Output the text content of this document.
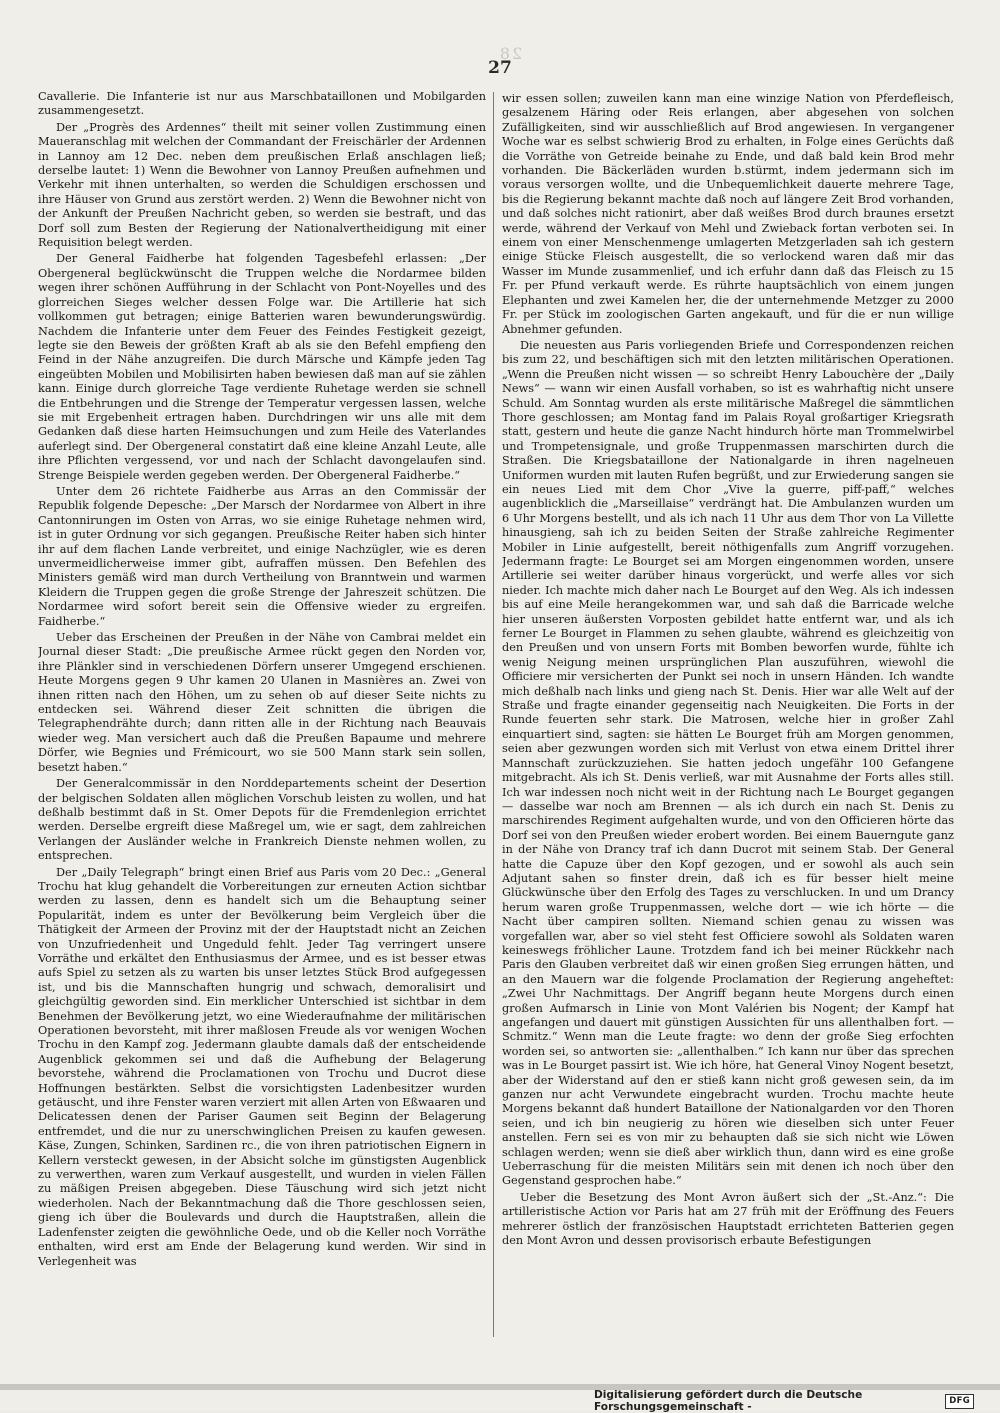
28
27

Cavallerie. Die Infanterie ist nur aus Marschbataillonen und Mobilgarden zusammengesetzt.

Der „Progrès des Ardennes“ theilt mit seiner vollen Zustimmung einen Maueranschlag mit welchen der Commandant der Freischärler der Ardennen in Lannoy am 12 Dec. neben dem preußischen Erlaß anschlagen ließ; derselbe lautet: 1) Wenn die Bewohner von Lannoy Preußen aufnehmen und Verkehr mit ihnen unterhalten, so werden die Schuldigen erschossen und ihre Häuser von Grund aus zerstört werden. 2) Wenn die Bewohner nicht von der Ankunft der Preußen Nachricht geben, so werden sie bestraft, und das Dorf soll zum Besten der Regierung der Nationalvertheidigung mit einer Requisition belegt werden.

Der General Faidherbe hat folgenden Tagesbefehl erlassen: „Der Obergeneral beglückwünscht die Truppen welche die Nordarmee bilden wegen ihrer schönen Aufführung in der Schlacht von Pont-Noyelles und des glorreichen Sieges welcher dessen Folge war. Die Artillerie hat sich vollkommen gut betragen; einige Batterien waren bewunderungswürdig. Nachdem die Infanterie unter dem Feuer des Feindes Festigkeit gezeigt, legte sie den Beweis der größten Kraft ab als sie den Befehl empfieng den Feind in der Nähe anzugreifen. Die durch Märsche und Kämpfe jeden Tag eingeübten Mobilen und Mobilisirten haben bewiesen daß man auf sie zählen kann. Einige durch glorreiche Tage verdiente Ruhetage werden sie schnell die Entbehrungen und die Strenge der Temperatur vergessen lassen, welche sie mit Ergebenheit ertragen haben. Durchdringen wir uns alle mit dem Gedanken daß diese harten Heimsuchungen und zum Heile des Vaterlandes auferlegt sind. Der Obergeneral constatirt daß eine kleine Anzahl Leute, alle ihre Pflichten vergessend, vor und nach der Schlacht davongelaufen sind. Strenge Beispiele werden gegeben werden. Der Obergeneral Faidherbe.“

Unter dem 26 richtete Faidherbe aus Arras an den Commissär der Republik folgende Depesche: „Der Marsch der Nordarmee von Albert in ihre Cantonnirungen im Osten von Arras, wo sie einige Ruhetage nehmen wird, ist in guter Ordnung vor sich gegangen. Preußische Reiter haben sich hinter ihr auf dem flachen Lande verbreitet, und einige Nachzügler, wie es deren unvermeidlicherweise immer gibt, aufraffen müssen. Den Befehlen des Ministers gemäß wird man durch Vertheilung von Branntwein und warmen Kleidern die Truppen gegen die große Strenge der Jahreszeit schützen. Die Nordarmee wird sofort bereit sein die Offensive wieder zu ergreifen. Faidherbe.“

Ueber das Erscheinen der Preußen in der Nähe von Cambrai meldet ein Journal dieser Stadt: „Die preußische Armee rückt gegen den Norden vor, ihre Plänkler sind in verschiedenen Dörfern unserer Umgegend erschienen. Heute Morgens gegen 9 Uhr kamen 20 Ulanen in Masnières an. Zwei von ihnen ritten nach den Höhen, um zu sehen ob auf dieser Seite nichts zu entdecken sei. Während dieser Zeit schnitten die übrigen die Telegraphendrähte durch; dann ritten alle in der Richtung nach Beauvais wieder weg. Man versichert auch daß die Preußen Bapaume und mehrere Dörfer, wie Begnies und Frémicourt, wo sie 500 Mann stark sein sollen, besetzt haben.“

Der Generalcommissär in den Norddepartements scheint der Desertion der belgischen Soldaten allen möglichen Vorschub leisten zu wollen, und hat deßhalb bestimmt daß in St. Omer Depots für die Fremdenlegion errichtet werden. Derselbe ergreift diese Maßregel um, wie er sagt, dem zahlreichen Verlangen der Ausländer welche in Frankreich Dienste nehmen wollen, zu entsprechen.

Der „Daily Telegraph“ bringt einen Brief aus Paris vom 20 Dec.: „General Trochu hat klug gehandelt die Vorbereitungen zur erneuten Action sichtbar werden zu lassen, denn es handelt sich um die Behauptung seiner Popularität, indem es unter der Bevölkerung beim Vergleich über die Thätigkeit der Armeen der Provinz mit der der Hauptstadt nicht an Zeichen von Unzufriedenheit und Ungeduld fehlt. Jeder Tag verringert unsere Vorräthe und erkältet den Enthusiasmus der Armee, und es ist besser etwas aufs Spiel zu setzen als zu warten bis unser letztes Stück Brod aufgegessen ist, und bis die Mannschaften hungrig und schwach, demoralisirt und gleichgültig geworden sind. Ein merklicher Unterschied ist sichtbar in dem Benehmen der Bevölkerung jetzt, wo eine Wiederaufnahme der militärischen Operationen bevorsteht, mit ihrer maßlosen Freude als vor wenigen Wochen Trochu in den Kampf zog. Jedermann glaubte damals daß der entscheidende Augenblick gekommen sei und daß die Aufhebung der Belagerung bevorstehe, während die Proclamationen von Trochu und Ducrot diese Hoffnungen bestärkten. Selbst die vorsichtigsten Ladenbesitzer wurden getäuscht, und ihre Fenster waren verziert mit allen Arten von Eßwaaren und Delicatessen denen der Pariser Gaumen seit Beginn der Belagerung entfremdet, und die nur zu unerschwinglichen Preisen zu kaufen gewesen. Käse, Zungen, Schinken, Sardinen rc., die von ihren patriotischen Eignern in Kellern versteckt gewesen, in der Absicht solche im günstigsten Augenblick zu verwerthen, waren zum Verkauf ausgestellt, und wurden in vielen Fällen zu mäßigen Preisen abgegeben. Diese Täuschung wird sich jetzt nicht wiederholen. Nach der Bekanntmachung daß die Thore geschlossen seien, gieng ich über die Boulevards und durch die Hauptstraßen, allein die Ladenfenster zeigten die gewöhnliche Oede, und ob die Keller noch Vorräthe enthalten, wird erst am Ende der Belagerung kund werden. Wir sind in Verlegenheit was

wir essen sollen; zuweilen kann man eine winzige Nation von Pferdefleisch, gesalzenem Häring oder Reis erlangen, aber abgesehen von solchen Zufälligkeiten, sind wir ausschließlich auf Brod angewiesen. In vergangener Woche war es selbst schwierig Brod zu erhalten, in Folge eines Gerüchts daß die Vorräthe von Getreide beinahe zu Ende, und daß bald kein Brod mehr vorhanden. Die Bäckerläden wurden b.stürmt, indem jedermann sich im voraus versorgen wollte, und die Unbequemlichkeit dauerte mehrere Tage, bis die Regierung bekannt machte daß noch auf längere Zeit Brod vorhanden, und daß solches nicht rationirt, aber daß weißes Brod durch braunes ersetzt werde, während der Verkauf von Mehl und Zwieback fortan verboten sei. In einem von einer Menschenmenge umlagerten Metzgerladen sah ich gestern einige Stücke Fleisch ausgestellt, die so verlockend waren daß mir das Wasser im Munde zusammenlief, und ich erfuhr dann daß das Fleisch zu 15 Fr. per Pfund verkauft werde. Es rührte hauptsächlich von einem jungen Elephanten und zwei Kamelen her, die der unternehmende Metzger zu 2000 Fr. per Stück im zoologischen Garten angekauft, und für die er nun willige Abnehmer gefunden.

Die neuesten aus Paris vorliegenden Briefe und Correspondenzen reichen bis zum 22, und beschäftigen sich mit den letzten militärischen Operationen. „Wenn die Preußen nicht wissen — so schreibt Henry Labouchère der „Daily News“ — wann wir einen Ausfall vorhaben, so ist es wahrhaftig nicht unsere Schuld. Am Sonntag wurden als erste militärische Maßregel die sämmtlichen Thore geschlossen; am Montag fand im Palais Royal großartiger Kriegsrath statt, gestern und heute die ganze Nacht hindurch hörte man Trommelwirbel und Trompetensignale, und große Truppenmassen marschirten durch die Straßen. Die Kriegsbataillone der Nationalgarde in ihren nagelneuen Uniformen wurden mit lauten Rufen begrüßt, und zur Erwiederung sangen sie ein neues Lied mit dem Chor „Vive la guerre, piff-paff,“ welches augenblicklich die „Marseillaise“ verdrängt hat. Die Ambulanzen wurden um 6 Uhr Morgens bestellt, und als ich nach 11 Uhr aus dem Thor von La Villette hinausgieng, sah ich zu beiden Seiten der Straße zahlreiche Regimenter Mobiler in Linie aufgestellt, bereit nöthigenfalls zum Angriff vorzugehen. Jedermann fragte: Le Bourget sei am Morgen eingenommen worden, unsere Artillerie sei weiter darüber hinaus vorgerückt, und werfe alles vor sich nieder. Ich machte mich daher nach Le Bourget auf den Weg. Als ich indessen bis auf eine Meile herangekommen war, und sah daß die Barricade welche hier unseren äußersten Vorposten gebildet hatte entfernt war, und als ich ferner Le Bourget in Flammen zu sehen glaubte, während es gleichzeitig von den Preußen und von unsern Forts mit Bomben beworfen wurde, fühlte ich wenig Neigung meinen ursprünglichen Plan auszuführen, wiewohl die Officiere mir versicherten der Punkt sei noch in unsern Händen. Ich wandte mich deßhalb nach links und gieng nach St. Denis. Hier war alle Welt auf der Straße und fragte einander gegenseitig nach Neuigkeiten. Die Forts in der Runde feuerten sehr stark. Die Matrosen, welche hier in großer Zahl einquartiert sind, sagten: sie hätten Le Bourget früh am Morgen genommen, seien aber gezwungen worden sich mit Verlust von etwa einem Drittel ihrer Mannschaft zurückzuziehen. Sie hatten jedoch ungefähr 100 Gefangene mitgebracht. Als ich St. Denis verließ, war mit Ausnahme der Forts alles still. Ich war indessen noch nicht weit in der Richtung nach Le Bourget gegangen — dasselbe war noch am Brennen — als ich durch ein nach St. Denis zu marschirendes Regiment aufgehalten wurde, und von den Officieren hörte das Dorf sei von den Preußen wieder erobert worden. Bei einem Bauerngute ganz in der Nähe von Drancy traf ich dann Ducrot mit seinem Stab. Der General hatte die Capuze über den Kopf gezogen, und er sowohl als auch sein Adjutant sahen so finster drein, daß ich es für besser hielt meine Glückwünsche über den Erfolg des Tages zu verschlucken. In und um Drancy herum waren große Truppenmassen, welche dort — wie ich hörte — die Nacht über campiren sollten. Niemand schien genau zu wissen was vorgefallen war, aber so viel steht fest Officiere sowohl als Soldaten waren keineswegs fröhlicher Laune. Trotzdem fand ich bei meiner Rückkehr nach Paris den Glauben verbreitet daß wir einen großen Sieg errungen hätten, und an den Mauern war die folgende Proclamation der Regierung angeheftet: „Zwei Uhr Nachmittags. Der Angriff begann heute Morgens durch einen großen Aufmarsch in Linie von Mont Valérien bis Nogent; der Kampf hat angefangen und dauert mit günstigen Aussichten für uns allenthalben fort. — Schmitz.“ Wenn man die Leute fragte: wo denn der große Sieg erfochten worden sei, so antworten sie: „allenthalben.“ Ich kann nur über das sprechen was in Le Bourget passirt ist. Wie ich höre, hat General Vinoy Nogent besetzt, aber der Widerstand auf den er stieß kann nicht groß gewesen sein, da im ganzen nur acht Verwundete eingebracht wurden. Trochu machte heute Morgens bekannt daß hundert Bataillone der Nationalgarden vor den Thoren seien, und ich bin neugierig zu hören wie dieselben sich unter Feuer anstellen. Fern sei es von mir zu behaupten daß sie sich nicht wie Löwen schlagen werden; wenn sie dieß aber wirklich thun, dann wird es eine große Ueberraschung für die meisten Militärs sein mit denen ich noch über den Gegenstand gesprochen habe.“

Ueber die Besetzung des Mont Avron äußert sich der „St.-Anz.“: Die artilleristische Action vor Paris hat am 27 früh mit der Eröffnung des Feuers mehrerer östlich der französischen Hauptstadt errichteten Batterien gegen den Mont Avron und dessen provisorisch erbaute Befestigungen

Digitalisierung gefördert durch die Deutsche Forschungsgemeinschaft -	DFG
